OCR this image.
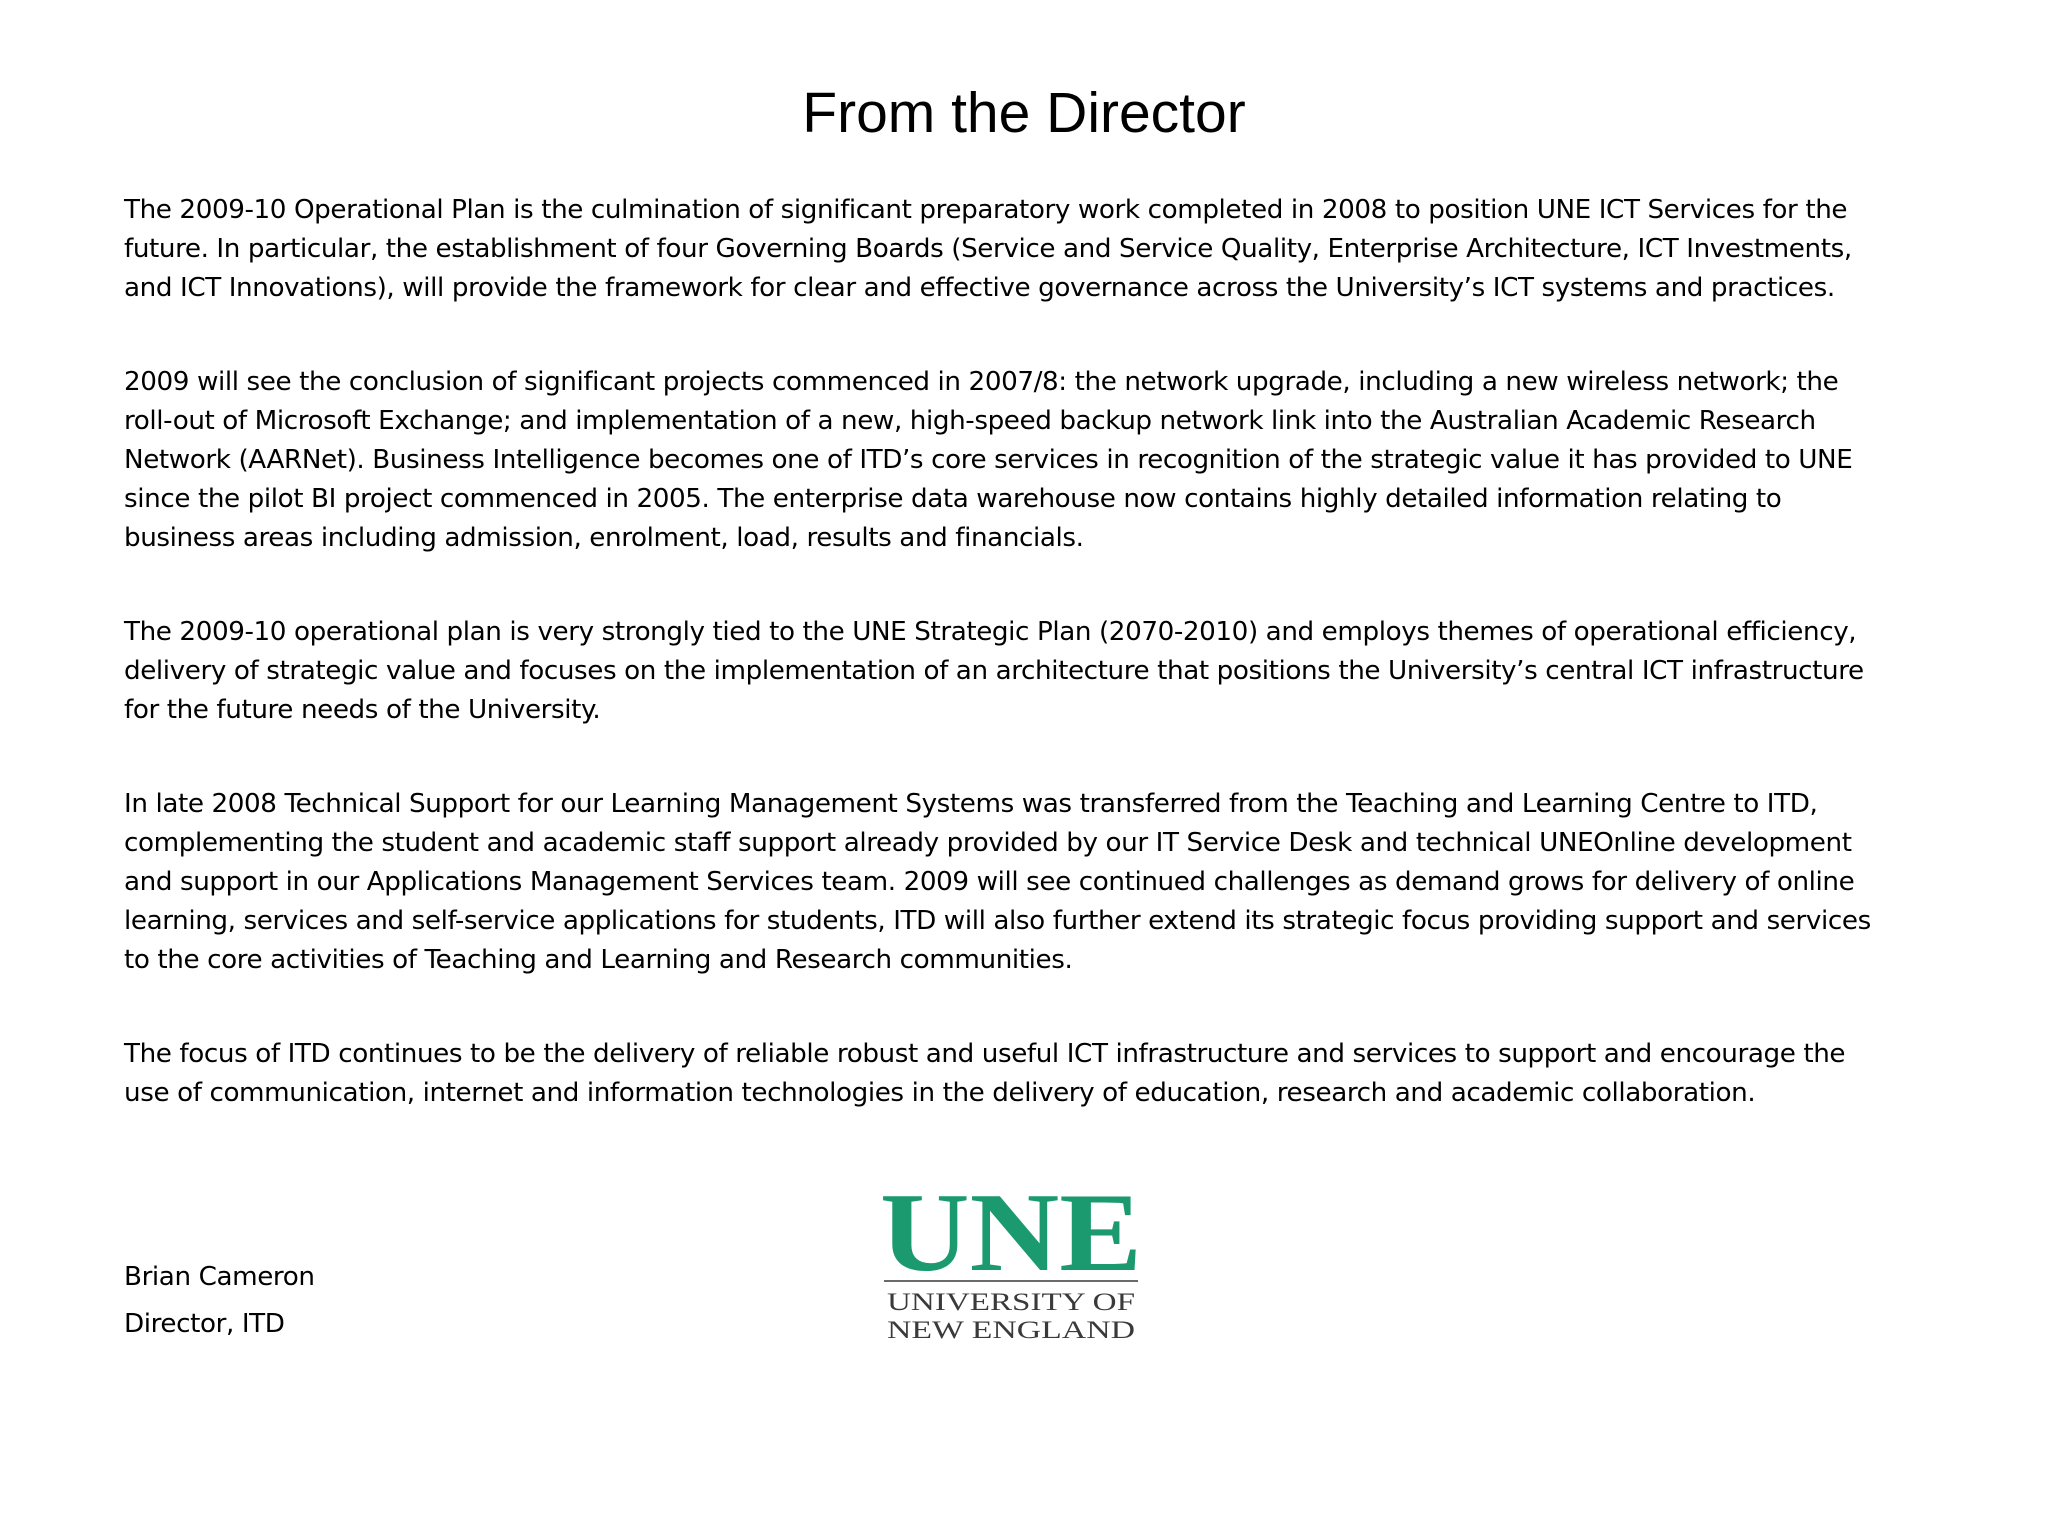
From the Director

The 2009-10 Operational Plan is the culmination of significant preparatory work completed in 2008 to position UNE ICT Services for the future. In particular, the establishment of four Governing Boards (Service and Service Quality, Enterprise Architecture, ICT Investments, and ICT Innovations), will provide the framework for clear and effective governance across the University’s ICT systems and practices.

2009 will see the conclusion of significant projects commenced in 2007/8: the network upgrade, including a new wireless network; the roll-out of Microsoft Exchange; and implementation of a new, high-speed backup network link into the Australian Academic Research Network (AARNet). Business Intelligence becomes one of ITD’s core services in recognition of the strategic value it has provided to UNE since the pilot BI project commenced in 2005. The enterprise data warehouse now contains highly detailed information relating to business areas including admission, enrolment, load, results and financials.

The 2009-10 operational plan is very strongly tied to the UNE Strategic Plan (2070-2010) and employs themes of operational efficiency, delivery of strategic value and focuses on the implementation of an architecture that positions the University’s central ICT infrastructure for the future needs of the University.

In late 2008 Technical Support for our Learning Management Systems was transferred from the Teaching and Learning Centre to ITD, complementing the student and academic staff support already provided by our IT Service Desk and technical UNEOnline development and support in our Applications Management Services team. 2009 will see continued challenges as demand grows for delivery of online learning, services and self-service applications for students, ITD will also further extend its strategic focus providing support and services to the core activities of Teaching and Learning and Research communities.

The focus of ITD continues to be the delivery of reliable robust and useful ICT infrastructure and services to support and encourage the use of communication, internet and information technologies in the delivery of education, research and academic collaboration.

Brian Cameron
Director, ITD
UNE
UNIVERSITY OF
NEW ENGLAND
